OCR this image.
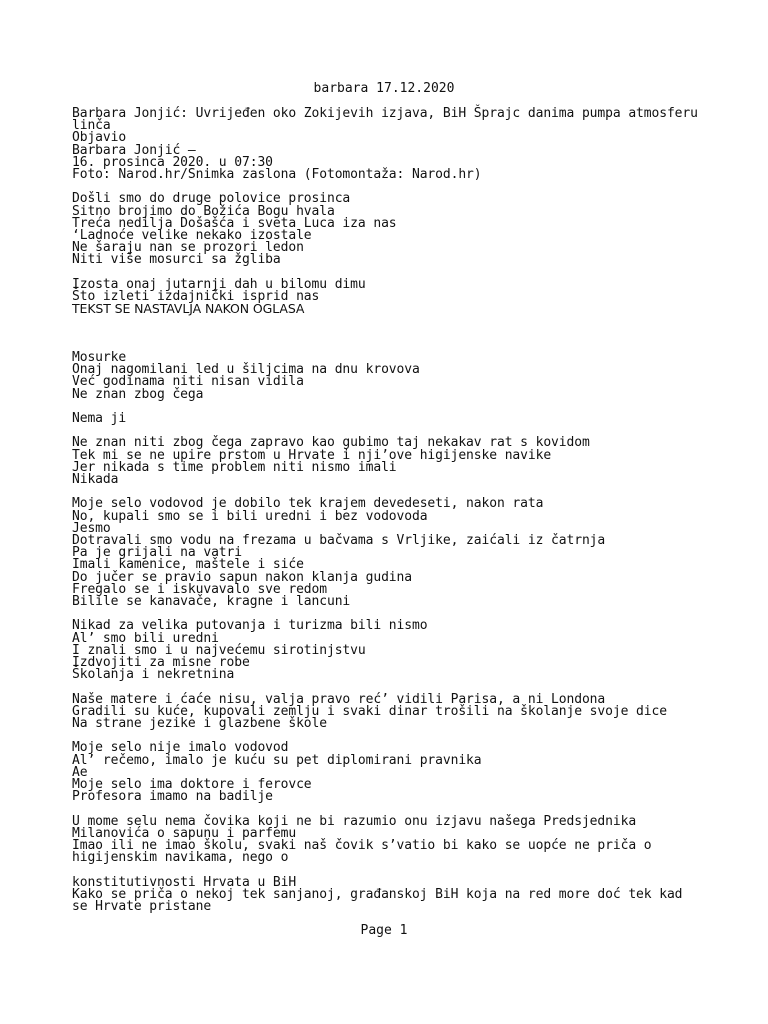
barbara 17.12.2020
Barbara Jonjić: Uvrijeđen oko Zokijevih izjava, BiH Šprajc danima pumpa atmosferu linča
Objavio
Barbara Jonjić –
16. prosinca 2020. u 07:30
Foto: Narod.hr/Snimka zaslona (Fotomontaža: Narod.hr)
Došli smo do druge polovice prosinca
Sitno brojimo do Božića Bogu hvala
Treća nedilja Došašća i sveta Luca iza nas
‘Ladnoće velike nekako izostale
Ne šaraju nan se prozori ledon
Niti više mosurci sa žgliba
Izosta onaj jutarnji dah u bilomu dimu
Što izleti izdajnički isprid nas
TEKST SE NASTAVLJA NAKON OGLASA
Mosurke
Onaj nagomilani led u šiljcima na dnu krovova
Već godinama niti nisan vidila
Ne znan zbog čega
Nema ji
Ne znan niti zbog čega zapravo kao gubimo taj nekakav rat s kovidom
Tek mi se ne upire prstom u Hrvate i nji’ove higijenske navike
Jer nikada s time problem niti nismo imali
Nikada
Moje selo vodovod je dobilo tek krajem devedeseti, nakon rata
No, kupali smo se i bili uredni i bez vodovoda
Jesmo
Dotravali smo vodu na frezama u bačvama s Vrljike, zaićali iz čatrnja
Pa je grijali na vatri
Imali kamenice, maštele i siće
Do jučer se pravio sapun nakon klanja gudina
Fregalo se i iskuvavalo sve redom
Bilile se kanavače, kragne i lancuni
Nikad za velika putovanja i turizma bili nismo
Al’ smo bili uredni
I znali smo i u najvećemu sirotinjstvu
Izdvojiti za misne robe
Školanja i nekretnina
Naše matere i ćaće nisu, valja pravo reć’ vidili Parisa, a ni Londona
Gradili su kuće, kupovali zemlju i svaki dinar trošili na školanje svoje dice
Na strane jezike i glazbene škole
Moje selo nije imalo vodovod
Al’ rečemo, imalo je kuću su pet diplomirani pravnika
Ae
Moje selo ima doktore i ferovce
Profesora imamo na badilje
U mome selu nema čovika koji ne bi razumio onu izjavu našega Predsjednika Milanovića o sapunu i parfemu
Imao ili ne imao školu, svaki naš čovik s’vatio bi kako se uopće ne priča o higijenskim navikama, nego o
konstitutivnosti Hrvata u BiH
Kako se priča o nekoj tek sanjanoj, građanskoj BiH koja na red more doć tek kad se Hrvate pristane
Page 1
